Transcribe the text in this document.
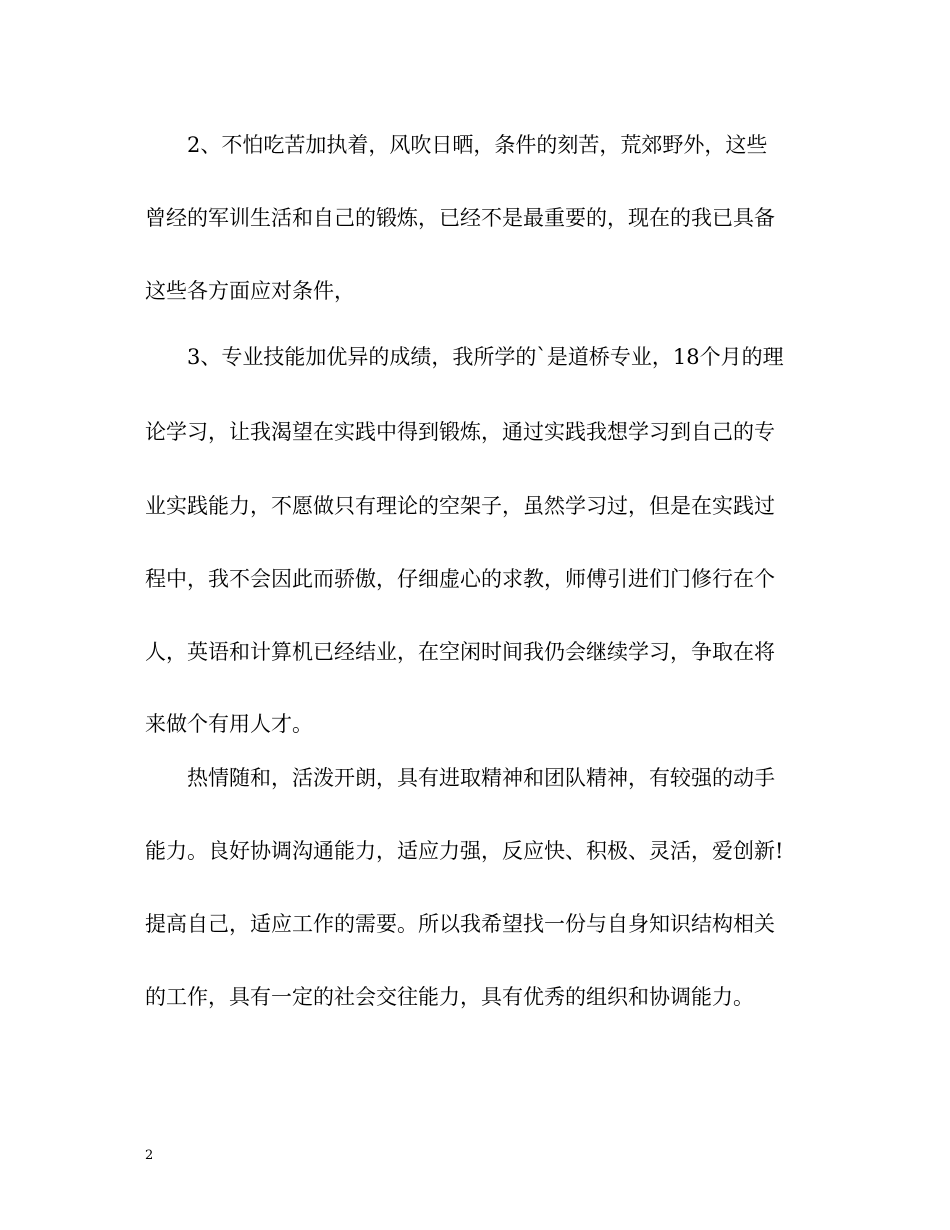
2、不怕吃苦加执着，风吹日晒，条件的刻苦，荒郊野外，这些

曾经的军训生活和自己的锻炼，已经不是最重要的，现在的我已具备

这些各方面应对条件，

3、专业技能加优异的成绩，我所学的`是道桥专业，18个月的理

论学习，让我渴望在实践中得到锻炼，通过实践我想学习到自己的专

业实践能力，不愿做只有理论的空架子，虽然学习过，但是在实践过

程中，我不会因此而骄傲，仔细虚心的求教，师傅引进们门修行在个

人，英语和计算机已经结业，在空闲时间我仍会继续学习，争取在将

来做个有用人才。

热情随和，活泼开朗，具有进取精神和团队精神，有较强的动手

能力。良好协调沟通能力，适应力强，反应快、积极、灵活，爱创新!

提高自己，适应工作的需要。所以我希望找一份与自身知识结构相关

的工作，具有一定的社会交往能力，具有优秀的组织和协调能力。

2
